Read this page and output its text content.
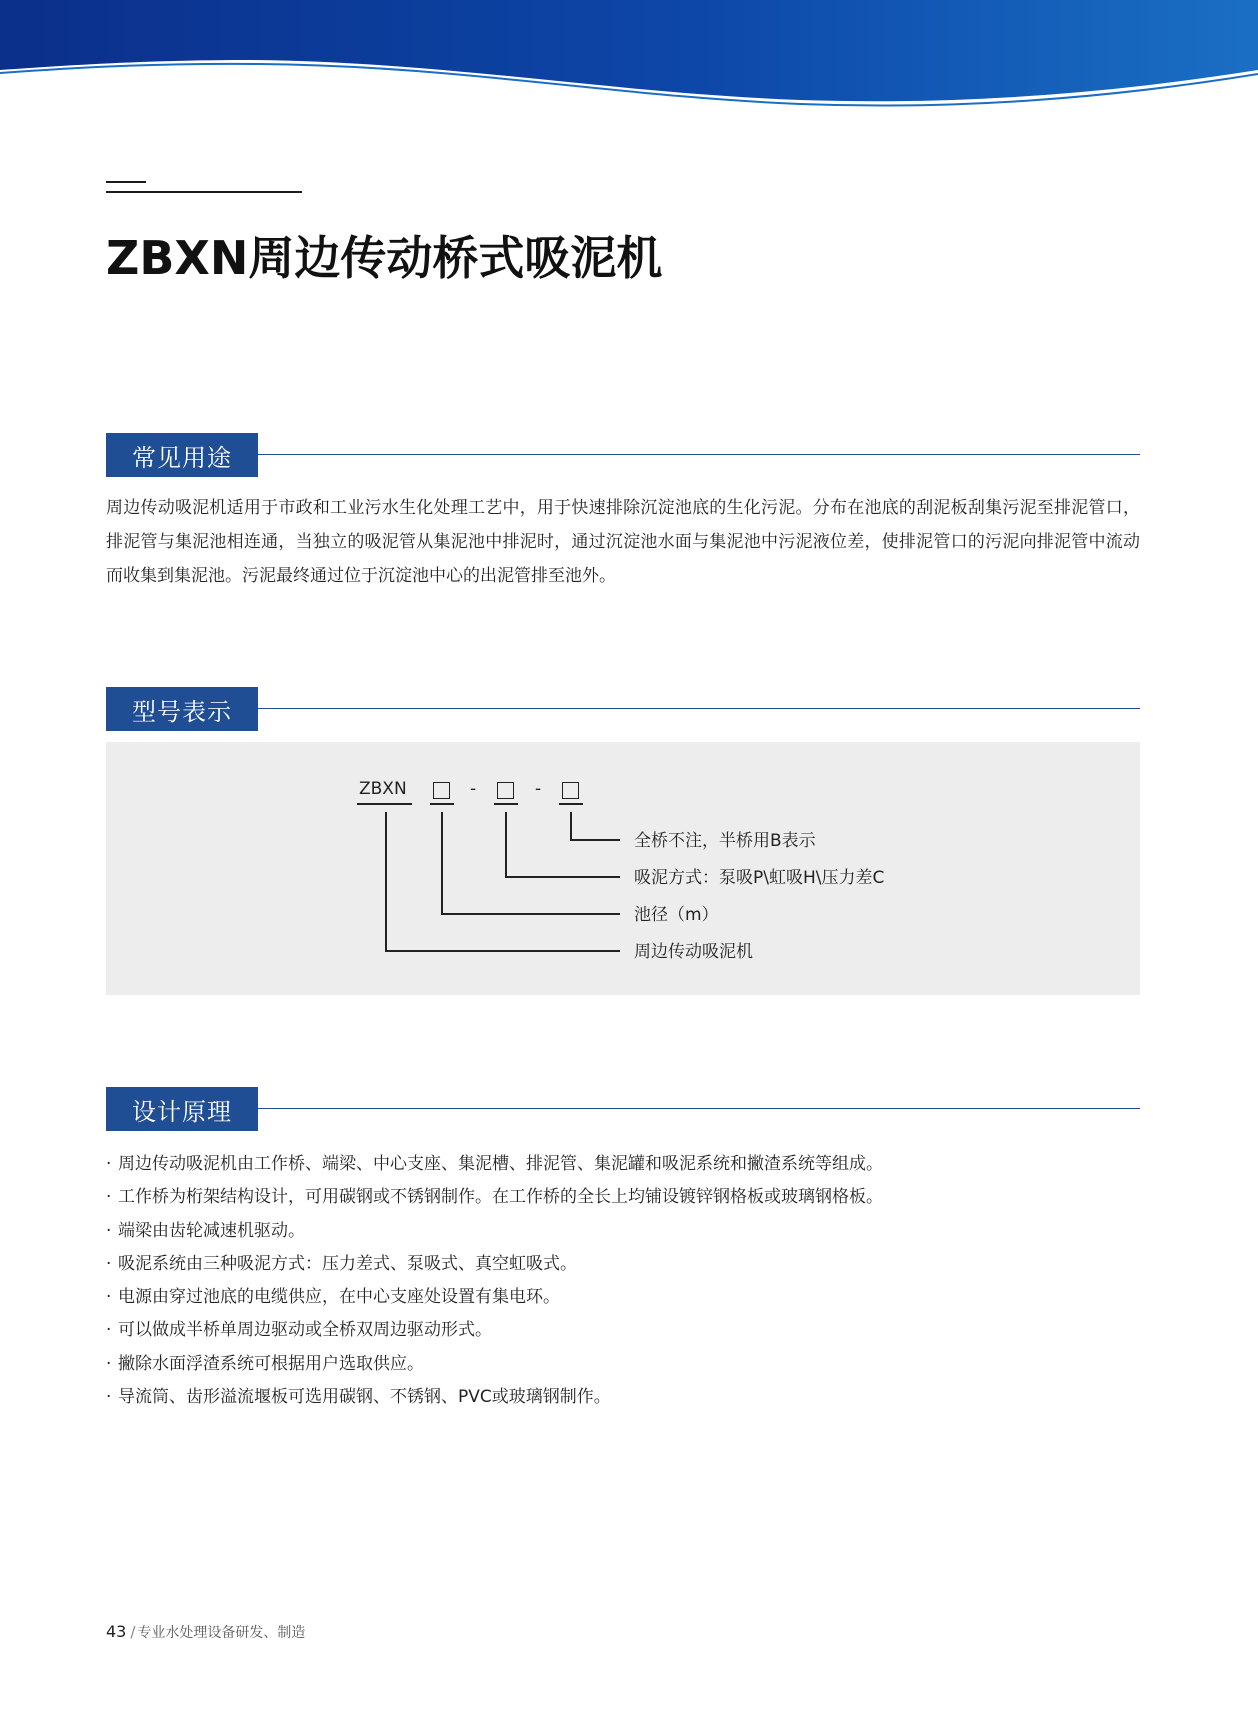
ZBXN周边传动桥式吸泥机
常见用途
周边传动吸泥机适用于市政和工业污水生化处理工艺中，用于快速排除沉淀池底的生化污泥。分布在池底的刮泥板刮集污泥至排泥管口，排泥管与集泥池相连通，当独立的吸泥管从集泥池中排泥时，通过沉淀池水面与集泥池中污泥液位差，使排泥管口的污泥向排泥管中流动而收集到集泥池。污泥最终通过位于沉淀池中心的出泥管排至池外。
型号表示
ZBXN	-	-
全桥不注，半桥用B表示
吸泥方式：泵吸P\虹吸H\压力差C
池径（m）
周边传动吸泥机
设计原理
· 周边传动吸泥机由工作桥、端梁、中心支座、集泥槽、排泥管、集泥罐和吸泥系统和撇渣系统等组成。
· 工作桥为桁架结构设计，可用碳钢或不锈钢制作。在工作桥的全长上均铺设镀锌钢格板或玻璃钢格板。
· 端梁由齿轮减速机驱动。
· 吸泥系统由三种吸泥方式：压力差式、泵吸式、真空虹吸式。
· 电源由穿过池底的电缆供应，在中心支座处设置有集电环。
· 可以做成半桥单周边驱动或全桥双周边驱动形式。
· 撇除水面浮渣系统可根据用户选取供应。
· 导流筒、齿形溢流堰板可选用碳钢、不锈钢、PVC或玻璃钢制作。
43 / 专业水处理设备研发、制造
